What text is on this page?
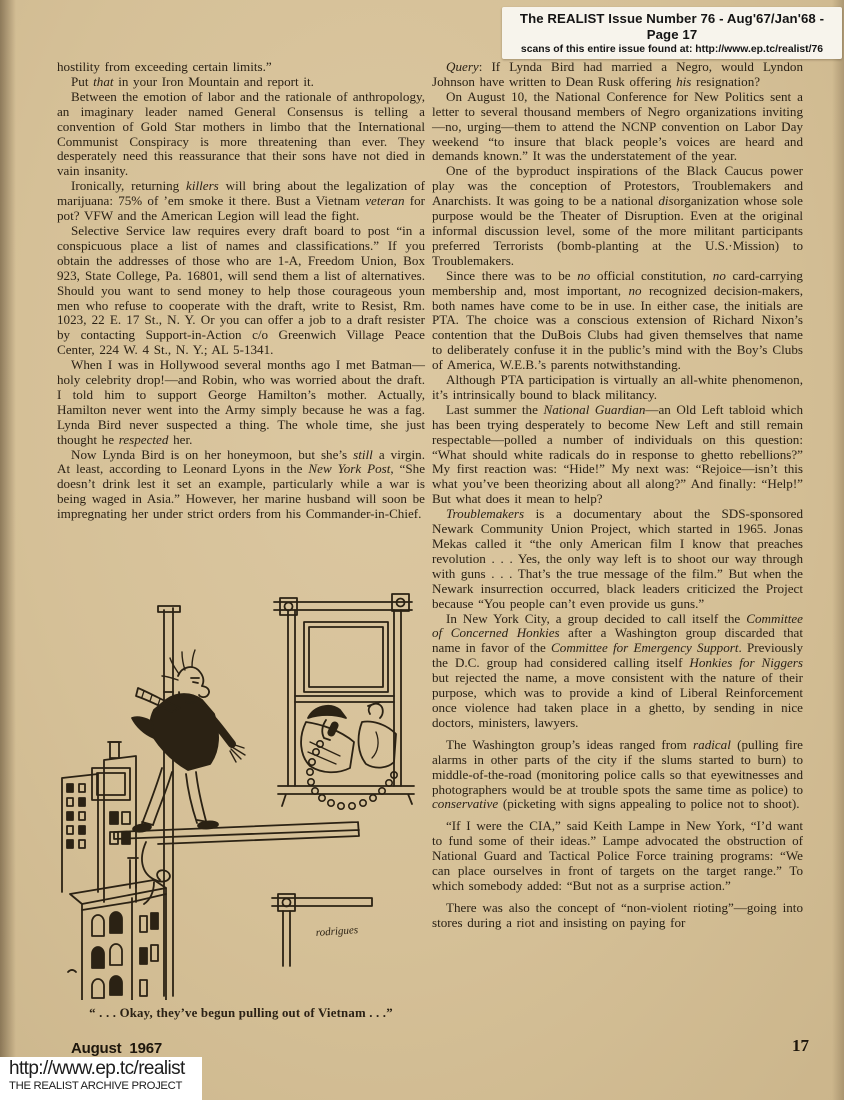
The REALIST Issue Number 76 - Aug'67/Jan'68 - Page 17
scans of this entire issue found at: http://www.ep.tc/realist/76

hostility from exceeding certain limits.”

Put that in your Iron Mountain and report it.

Between the emotion of labor and the rationale of anthropology, an imaginary leader named General Consensus is telling a convention of Gold Star mothers in limbo that the International Communist Conspiracy is more threatening than ever. They desperately need this reassurance that their sons have not died in vain insanity.

Ironically, returning killers will bring about the legalization of marijuana: 75% of ’em smoke it there. Bust a Vietnam veteran for pot? VFW and the American Legion will lead the fight.

Selective Service law requires every draft board to post “in a conspicuous place a list of names and classifications.” If you obtain the addresses of those who are 1-A, Freedom Union, Box 923, State College, Pa. 16801, will send them a list of alternatives. Should you want to send money to help those courageous youn men who refuse to cooperate with the draft, write to Resist, Rm. 1023, 22 E. 17 St., N. Y. Or you can offer a job to a draft resister by contacting Support-in-Action c/o Greenwich Village Peace Center, 224 W. 4 St., N. Y.; AL 5-1341.

When I was in Hollywood several months ago I met Batman—holy celebrity drop!—and Robin, who was worried about the draft. I told him to support George Hamilton’s mother. Actually, Hamilton never went into the Army simply because he was a fag. Lynda Bird never suspected a thing. The whole time, she just thought he respected her.

Now Lynda Bird is on her honeymoon, but she’s still a virgin. At least, according to Leonard Lyons in the New York Post, “She doesn’t drink lest it set an example, particularly while a war is being waged in Asia.” However, her marine husband will soon be impregnating her under strict orders from his Commander-in-Chief.

Query: If Lynda Bird had married a Negro, would Lyndon Johnson have written to Dean Rusk offering his resignation?

On August 10, the National Conference for New Politics sent a letter to several thousand members of Negro organizations inviting—no, urging—them to attend the NCNP convention on Labor Day weekend “to insure that black people’s voices are heard and demands known.” It was the understatement of the year.

One of the byproduct inspirations of the Black Caucus power play was the conception of Protestors, Troublemakers and Anarchists. It was going to be a national disorganization whose sole purpose would be the Theater of Disruption. Even at the original informal discussion level, some of the more militant participants preferred Terrorists (bomb-planting at the U.S.·Mission) to Troublemakers.

Since there was to be no official constitution, no card-carrying membership and, most important, no recognized decision-makers, both names have come to be in use. In either case, the initials are PTA. The choice was a conscious extension of Richard Nixon’s contention that the DuBois Clubs had given themselves that name to deliberately confuse it in the public’s mind with the Boy’s Clubs of America, W.E.B.’s parents notwithstanding.

Although PTA participation is virtually an all-white phenomenon, it’s intrinsically bound to black militancy.

Last summer the National Guardian—an Old Left tabloid which has been trying desperately to become New Left and still remain respectable—polled a number of individuals on this question: “What should white radicals do in response to ghetto rebellions?” My first reaction was: “Hide!” My next was: “Rejoice—isn’t this what you’ve been theorizing about all along?” And finally: “Help!” But what does it mean to help?

Troublemakers is a documentary about the SDS-sponsored Newark Community Union Project, which started in 1965. Jonas Mekas called it “the only American film I know that preaches revolution . . . Yes, the only way left is to shoot our way through with guns . . . That’s the true message of the film.” But when the Newark insurrection occurred, black leaders criticized the Project because “You people can’t even provide us guns.”

In New York City, a group decided to call itself the Committee of Concerned Honkies after a Washington group discarded that name in favor of the Committee for Emergency Support. Previously the D.C. group had considered calling itself Honkies for Niggers but rejected the name, a move consistent with the nature of their purpose, which was to provide a kind of Liberal Reinforcement once violence had taken place in a ghetto, by sending in nice doctors, ministers, lawyers.

The Washington group’s ideas ranged from radical (pulling fire alarms in other parts of the city if the slums started to burn) to middle-of-the-road (monitoring police calls so that eyewitnesses and photographers would be at trouble spots the same time as police) to conservative (picketing with signs appealing to police not to shoot).

“If I were the CIA,” said Keith Lampe in New York, “I’d want to fund some of their ideas.” Lampe advocated the obstruction of National Guard and Tactical Police Force training programs: “We can place ourselves in front of targets on the target range.” To which somebody added: “But not as a surprise action.”

There was also the concept of “non-violent rioting”—going into stores during a riot and insisting on paying for

rodrigues
“ . . . Okay, they’ve begun pulling out of Vietnam . . .”
August 1967	17
http://www.ep.tc/realist
THE REALIST ARCHIVE PROJECT
